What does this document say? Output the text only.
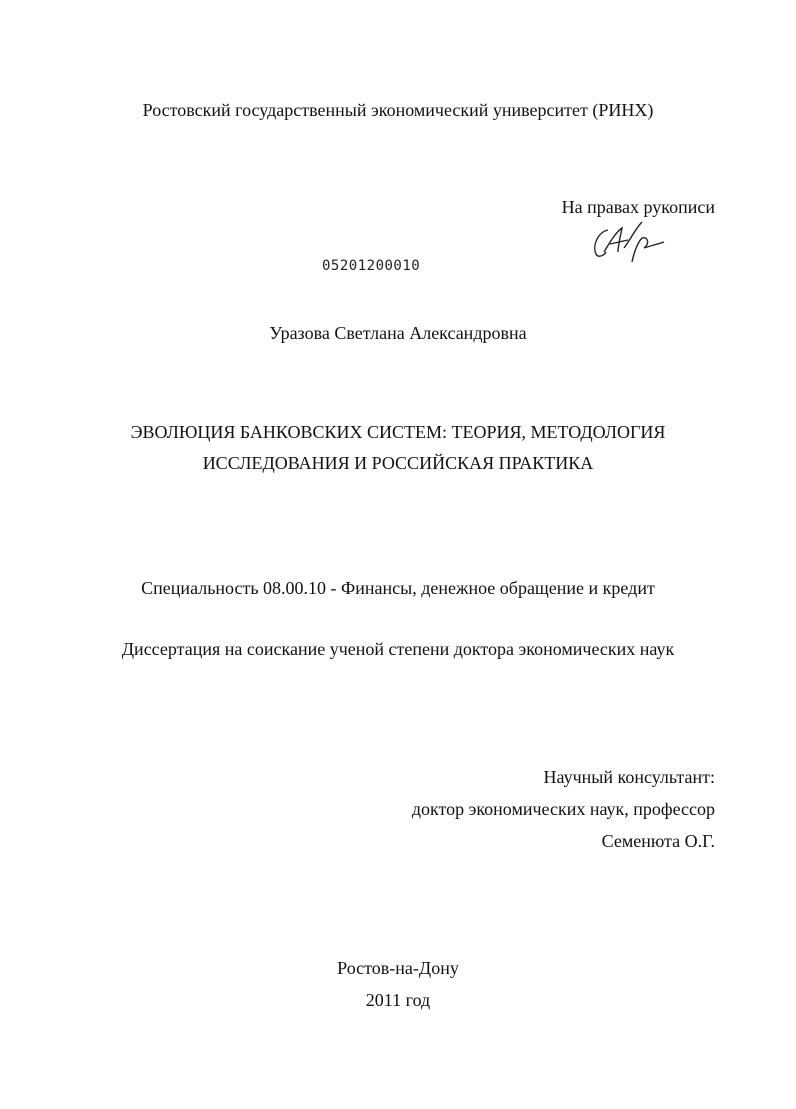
Ростовский государственный экономический университет (РИНХ)
На правах рукописи
05201200010
Уразова Светлана Александровна
ЭВОЛЮЦИЯ БАНКОВСКИХ СИСТЕМ: ТЕОРИЯ, МЕТОДОЛОГИЯ
ИССЛЕДОВАНИЯ И РОССИЙСКАЯ ПРАКТИКА
Специальность 08.00.10 - Финансы, денежное обращение и кредит
Диссертация на соискание ученой степени доктора экономических наук
Научный консультант:
доктор экономических наук, профессор
Семенюта О.Г.
Ростов-на-Дону
2011 год
